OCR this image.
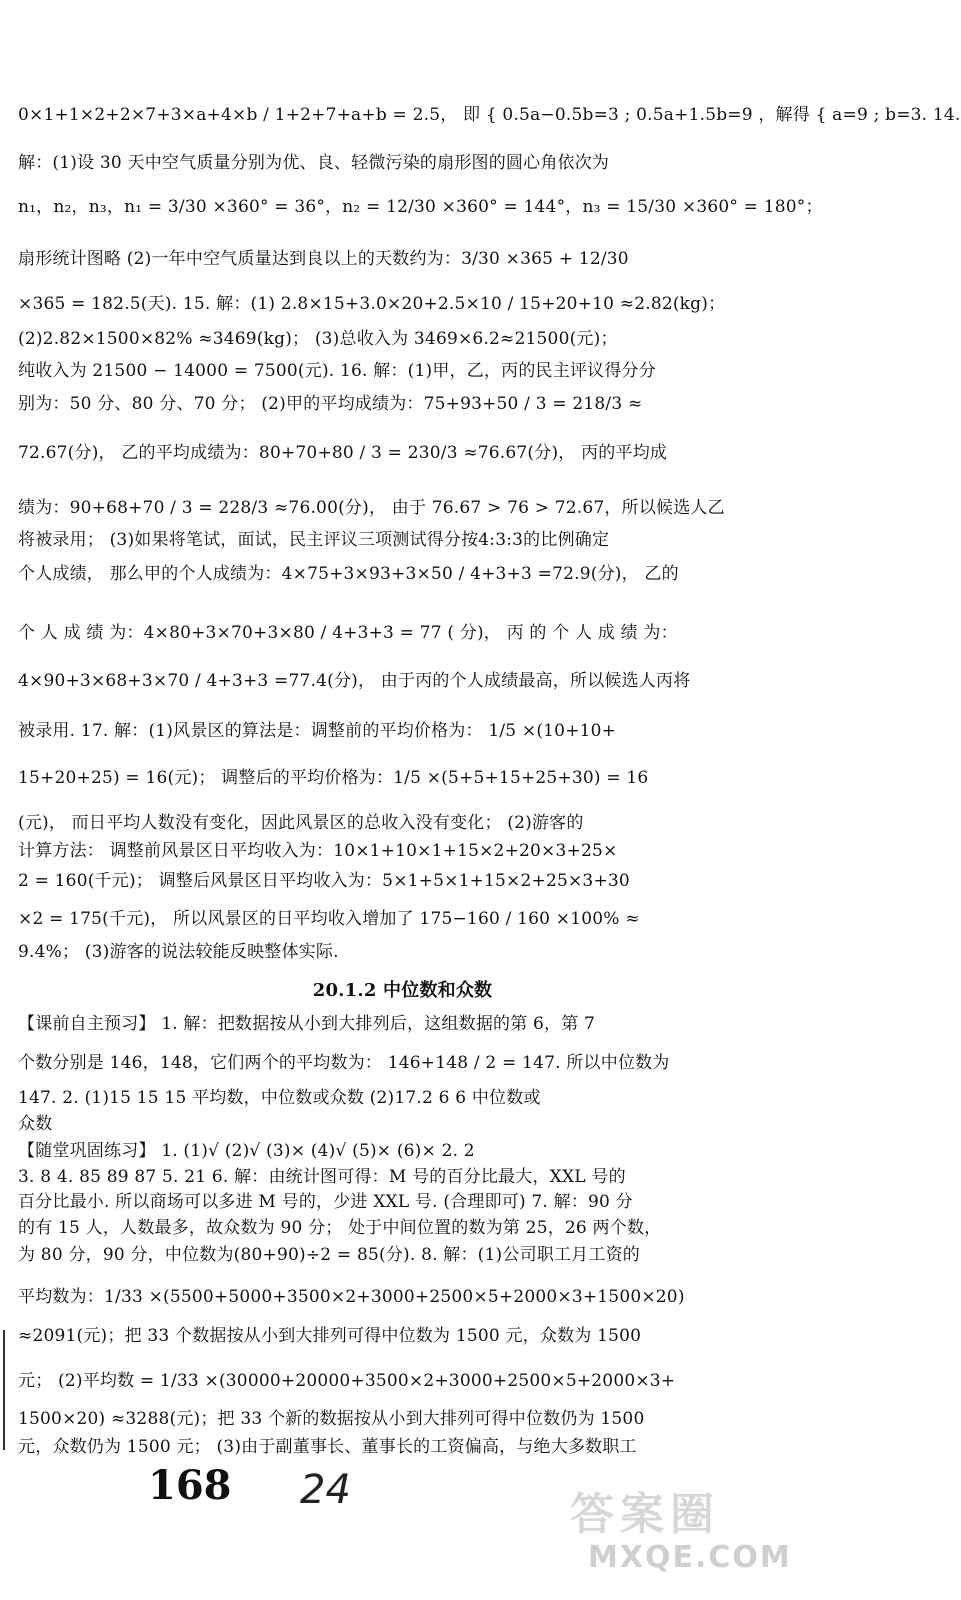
0×1+1×2+2×7+3×a+4×b / 1+2+7+a+b = 2.5， 即 { 0.5a−0.5b=3 ; 0.5a+1.5b=9 ，解得 { a=9 ; b=3. 14.
解：(1)设 30 天中空气质量分别为优、良、轻微污染的扇形图的圆心角依次为
n₁，n₂，n₃，n₁ = 3/30 ×360° = 36°，n₂ = 12/30 ×360° = 144°，n₃ = 15/30 ×360° = 180°；
扇形统计图略 (2)一年中空气质量达到良以上的天数约为：3/30 ×365 + 12/30
×365 = 182.5(天). 15. 解：(1) 2.8×15+3.0×20+2.5×10 / 15+20+10 ≈2.82(kg)；
(2)2.82×1500×82% ≈3469(kg)； (3)总收入为 3469×6.2≈21500(元)；
纯收入为 21500 − 14000 = 7500(元). 16. 解：(1)甲，乙，丙的民主评议得分分
别为：50 分、80 分、70 分； (2)甲的平均成绩为：75+93+50 / 3 = 218/3 ≈
72.67(分)， 乙的平均成绩为：80+70+80 / 3 = 230/3 ≈76.67(分)， 丙的平均成
绩为：90+68+70 / 3 = 228/3 ≈76.00(分)， 由于 76.67 > 76 > 72.67，所以候选人乙
将被录用； (3)如果将笔试，面试，民主评议三项测试得分按4:3:3的比例确定
个人成绩， 那么甲的个人成绩为：4×75+3×93+3×50 / 4+3+3 =72.9(分)， 乙的
个 人 成 绩 为：4×80+3×70+3×80 / 4+3+3 = 77 ( 分)， 丙 的 个 人 成 绩 为：
4×90+3×68+3×70 / 4+3+3 =77.4(分)， 由于丙的个人成绩最高，所以候选人丙将
被录用. 17. 解：(1)风景区的算法是：调整前的平均价格为： 1/5 ×(10+10+
15+20+25) = 16(元)； 调整后的平均价格为：1/5 ×(5+5+15+25+30) = 16
(元)， 而日平均人数没有变化，因此风景区的总收入没有变化； (2)游客的
计算方法： 调整前风景区日平均收入为：10×1+10×1+15×2+20×3+25×
2 = 160(千元)； 调整后风景区日平均收入为：5×1+5×1+15×2+25×3+30
×2 = 175(千元)， 所以风景区的日平均收入增加了 175−160 / 160 ×100% ≈
9.4%； (3)游客的说法较能反映整体实际.
20.1.2 中位数和众数
【课前自主预习】 1. 解：把数据按从小到大排列后，这组数据的第 6，第 7
个数分别是 146，148，它们两个的平均数为： 146+148 / 2 = 147. 所以中位数为
147. 2. (1)15 15 15 平均数，中位数或众数 (2)17.2 6 6 中位数或
众数
【随堂巩固练习】 1. (1)√ (2)√ (3)× (4)√ (5)× (6)× 2. 2
3. 8 4. 85 89 87 5. 21 6. 解：由统计图可得：M 号的百分比最大，XXL 号的
百分比最小. 所以商场可以多进 M 号的，少进 XXL 号. (合理即可) 7. 解：90 分
的有 15 人，人数最多，故众数为 90 分； 处于中间位置的数为第 25，26 两个数，
为 80 分，90 分，中位数为(80+90)÷2 = 85(分). 8. 解：(1)公司职工月工资的
平均数为：1/33 ×(5500+5000+3500×2+3000+2500×5+2000×3+1500×20)
≈2091(元)；把 33 个数据按从小到大排列可得中位数为 1500 元，众数为 1500
元； (2)平均数 = 1/33 ×(30000+20000+3500×2+3000+2500×5+2000×3+
1500×20) ≈3288(元)；把 33 个新的数据按从小到大排列可得中位数仍为 1500
元，众数仍为 1500 元； (3)由于副董事长、董事长的工资偏高，与绝大多数职工
168 24	答案圈
MXQE.COM
